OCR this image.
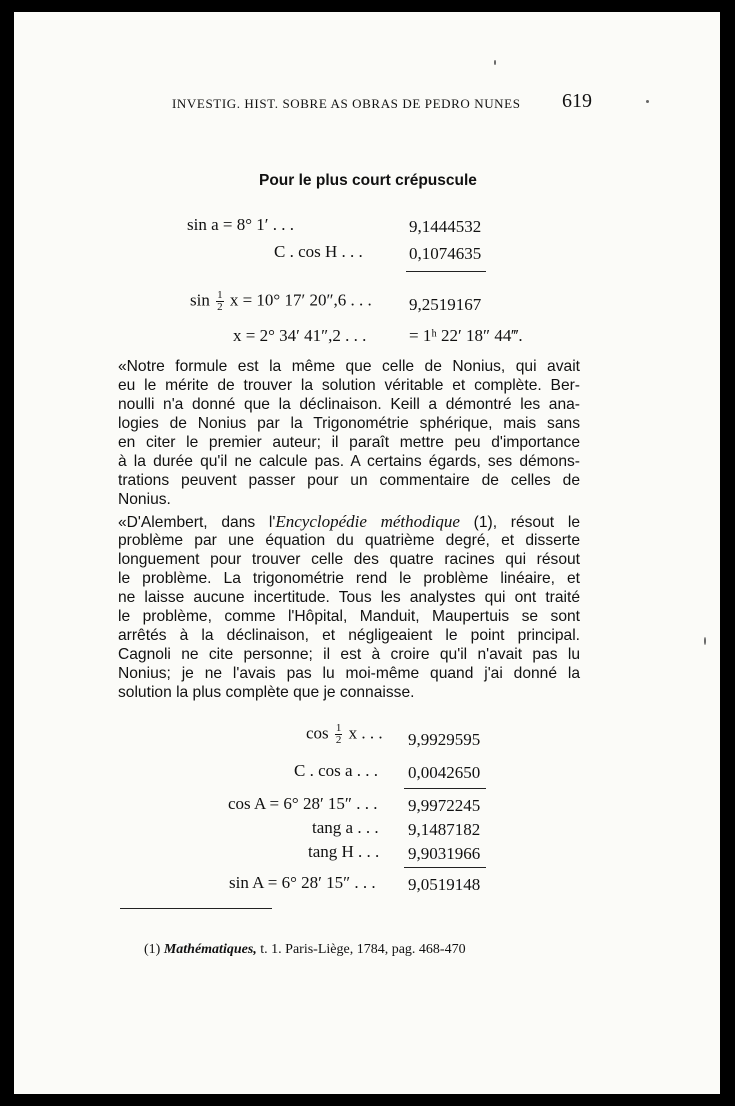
INVESTIG. HIST. SOBRE AS OBRAS DE PEDRO NUNES 619
Pour le plus court crépuscule
sin a = 8° 1′ . . .	9,1444532
C . cos H . . .	0,1074635
$\sin \frac{1}{2}$ x = 10° 17′ 20″,6 . . . 9,2519167
x = 2° 34′ 41″,2 . . .	= 1ʰ 22′ 18″ 44‴.
«Notre formule est la même que celle de Nonius, qui avait
eu le mérite de trouver la solution véritable et complète. Ber-
noulli n'a donné que la déclinaison. Keill a démontré les ana-
logies de Nonius par la Trigonométrie sphérique, mais sans
en citer le premier auteur; il paraît mettre peu d'importance
à la durée qu'il ne calcule pas. A certains égards, ses démons-
trations peuvent passer pour un commentaire de celles de
Nonius.
«D'Alembert, dans l'Encyclopédie méthodique (1), résout le
problème par une équation du quatrième degré, et disserte
longuement pour trouver celle des quatre racines qui résout
le problème. La trigonométrie rend le problème linéaire, et
ne laisse aucune incertitude. Tous les analystes qui ont traité
le problème, comme l'Hôpital, Manduit, Maupertuis se sont
arrêtés à la déclinaison, et négligeaient le point principal.
Cagnoli ne cite personne; il est à croire qu'il n'avait pas lu
Nonius; je ne l'avais pas lu moi-même quand j'ai donné la
solution la plus complète que je connaisse.
$\cos \frac{1}{2}$ x . . . 9,9929595
C . cos a . . . 0,0042650
cos A = 6° 28′ 15″ . . . 9,9972245
tang a . . . 9,1487182
tang H . . . 9,9031966
sin A = 6° 28′ 15″ . . . 9,0519148
(1) Mathématiques, t. 1. Paris-Liège, 1784, pag. 468-470
